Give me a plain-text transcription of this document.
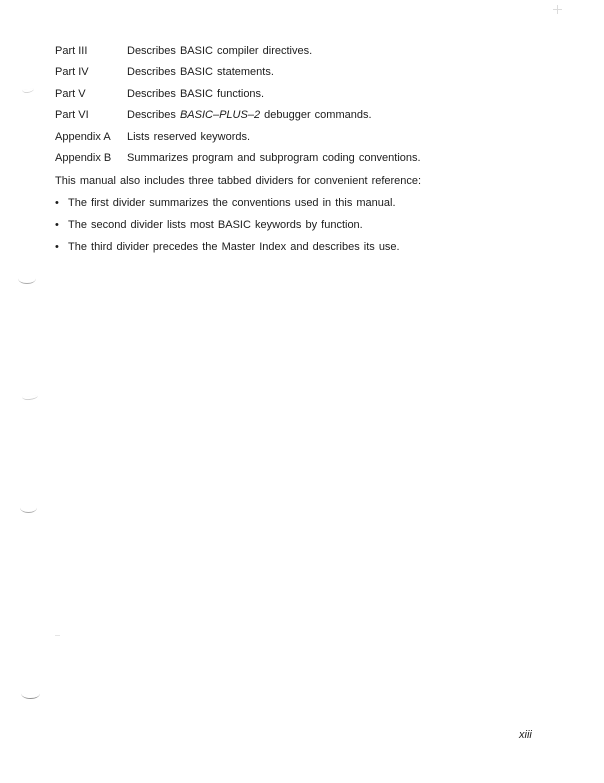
Part III	Describes BASIC compiler directives.
Part IV	Describes BASIC statements.
Part V	Describes BASIC functions.
Part VI	Describes BASIC–PLUS–2 debugger commands.
Appendix A	Lists reserved keywords.
Appendix B	Summarizes program and subprogram coding conventions.

This manual also includes three tabbed dividers for convenient reference:

• The first divider summarizes the conventions used in this manual.
• The second divider lists most BASIC keywords by function.
• The third divider precedes the Master Index and describes its use.
xiii
